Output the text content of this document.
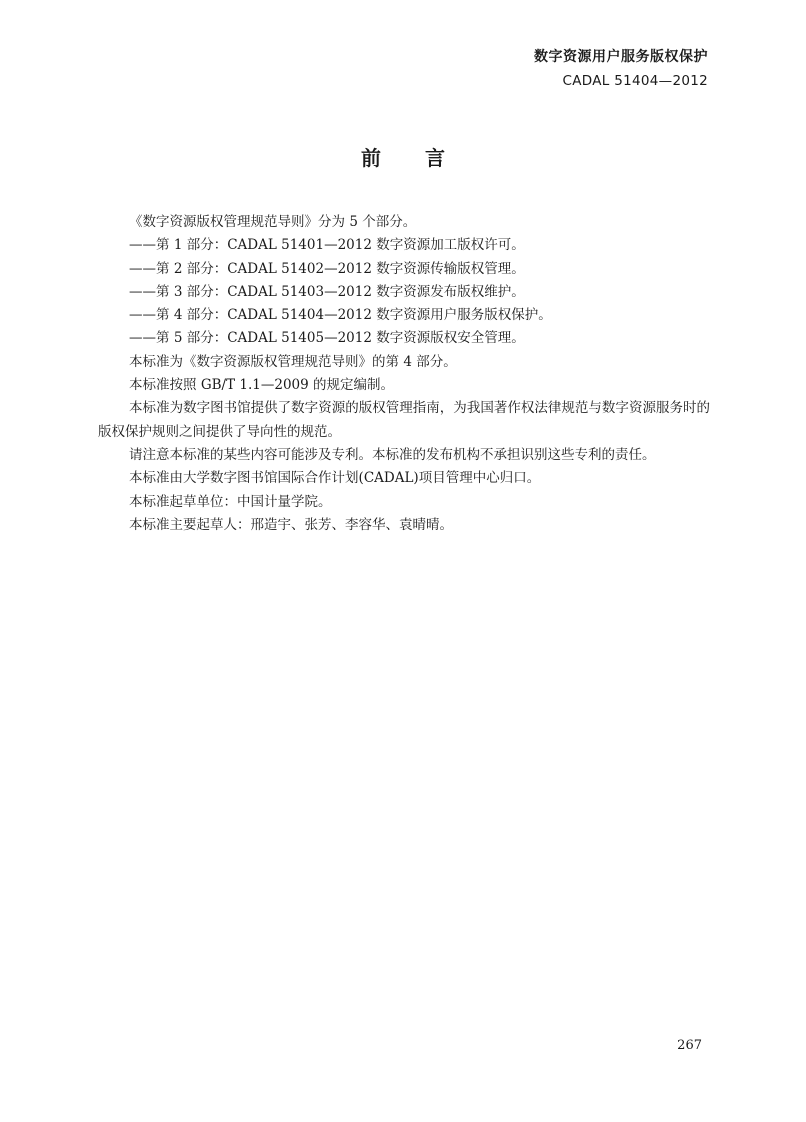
数字资源用户服务版权保护
CADAL 51404—2012
前言

《数字资源版权管理规范导则》分为 5 个部分。

——第 1 部分：CADAL 51401—2012 数字资源加工版权许可。

——第 2 部分：CADAL 51402—2012 数字资源传输版权管理。

——第 3 部分：CADAL 51403—2012 数字资源发布版权维护。

——第 4 部分：CADAL 51404—2012 数字资源用户服务版权保护。

——第 5 部分：CADAL 51405—2012 数字资源版权安全管理。

本标准为《数字资源版权管理规范导则》的第 4 部分。

本标准按照 GB/T 1.1—2009 的规定编制。

本标准为数字图书馆提供了数字资源的版权管理指南，为我国著作权法律规范与数字资源服务时的版权保护规则之间提供了导向性的规范。

请注意本标准的某些内容可能涉及专利。本标准的发布机构不承担识别这些专利的责任。

本标准由大学数字图书馆国际合作计划(CADAL)项目管理中心归口。

本标准起草单位：中国计量学院。

本标准主要起草人：邢造宇、张芳、李容华、袁晴晴。

267
